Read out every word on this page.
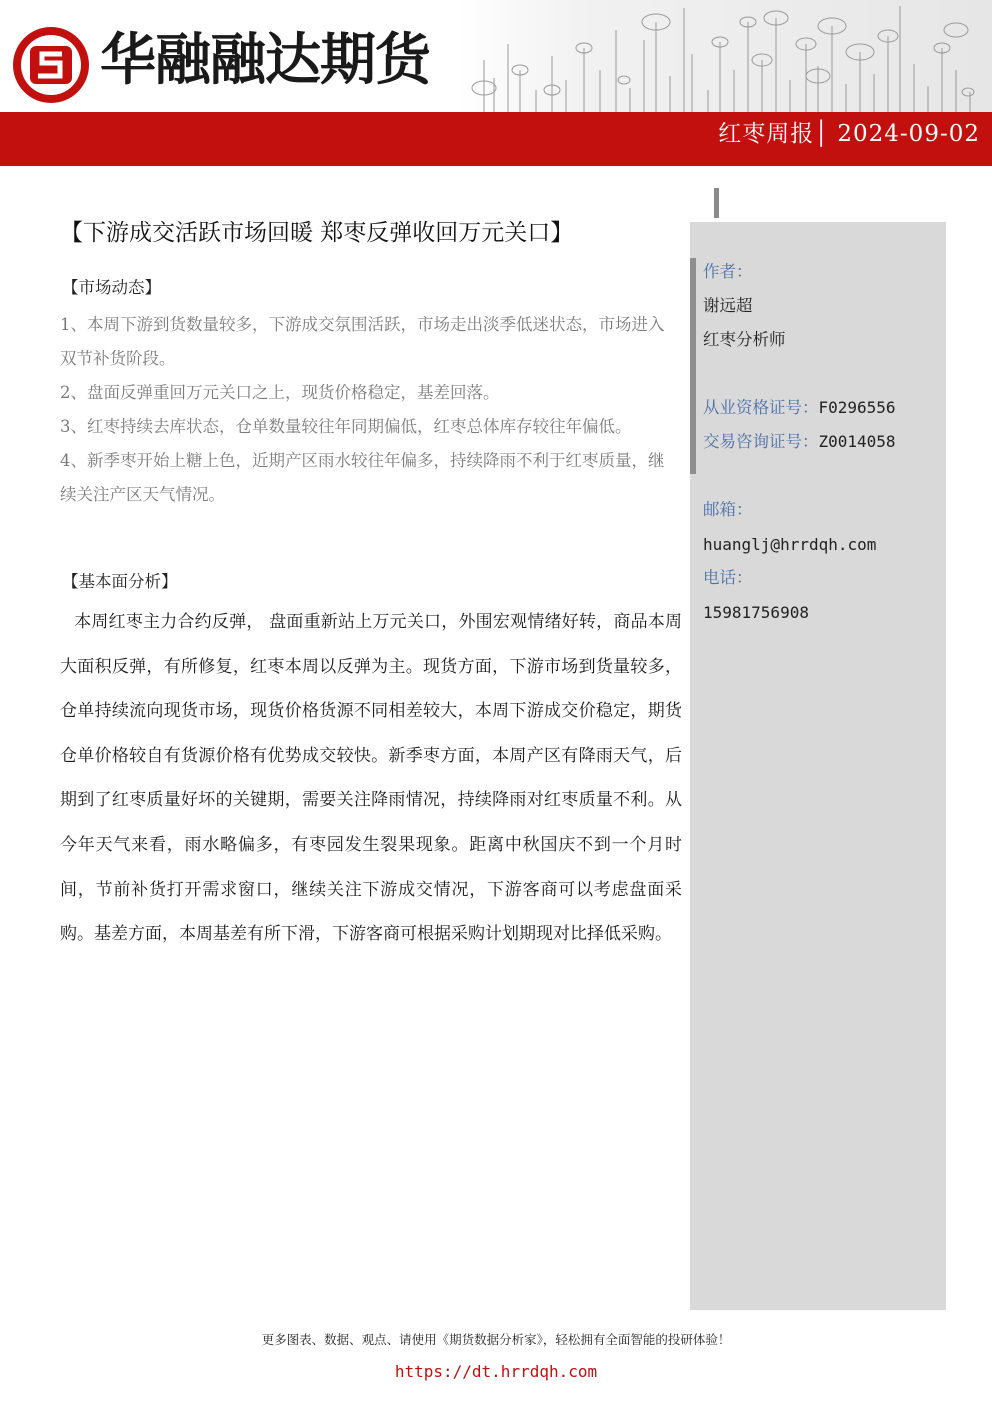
华融融达期货
红枣周报│ 2024-09-02
【下游成交活跃市场回暖 郑枣反弹收回万元关口】
作者：
谢远超
红枣分析师
从业资格证号：F0296556
交易咨询证号：Z0014058
邮箱：
huanglj@hrrdqh.com
电话：
15981756908
【市场动态】

1、本周下游到货数量较多，下游成交氛围活跃，市场走出淡季低迷状态，市场进入双节补货阶段。

2、盘面反弹重回万元关口之上，现货价格稳定，基差回落。

3、红枣持续去库状态，仓单数量较往年同期偏低，红枣总体库存较往年偏低。

4、新季枣开始上糖上色，近期产区雨水较往年偏多，持续降雨不利于红枣质量，继续关注产区天气情况。

【基本面分析】

本周红枣主力合约反弹， 盘面重新站上万元关口，外围宏观情绪好转，商品本周大面积反弹，有所修复，红枣本周以反弹为主。现货方面，下游市场到货量较多，仓单持续流向现货市场，现货价格货源不同相差较大，本周下游成交价稳定，期货仓单价格较自有货源价格有优势成交较快。新季枣方面，本周产区有降雨天气，后期到了红枣质量好坏的关键期，需要关注降雨情况，持续降雨对红枣质量不利。从今年天气来看，雨水略偏多，有枣园发生裂果现象。距离中秋国庆不到一个月时间，节前补货打开需求窗口，继续关注下游成交情况，下游客商可以考虑盘面采购。基差方面，本周基差有所下滑，下游客商可根据采购计划期现对比择低采购。

更多图表、数据、观点、请使用《期货数据分析家》，轻松拥有全面智能的投研体验！
https://dt.hrrdqh.com
